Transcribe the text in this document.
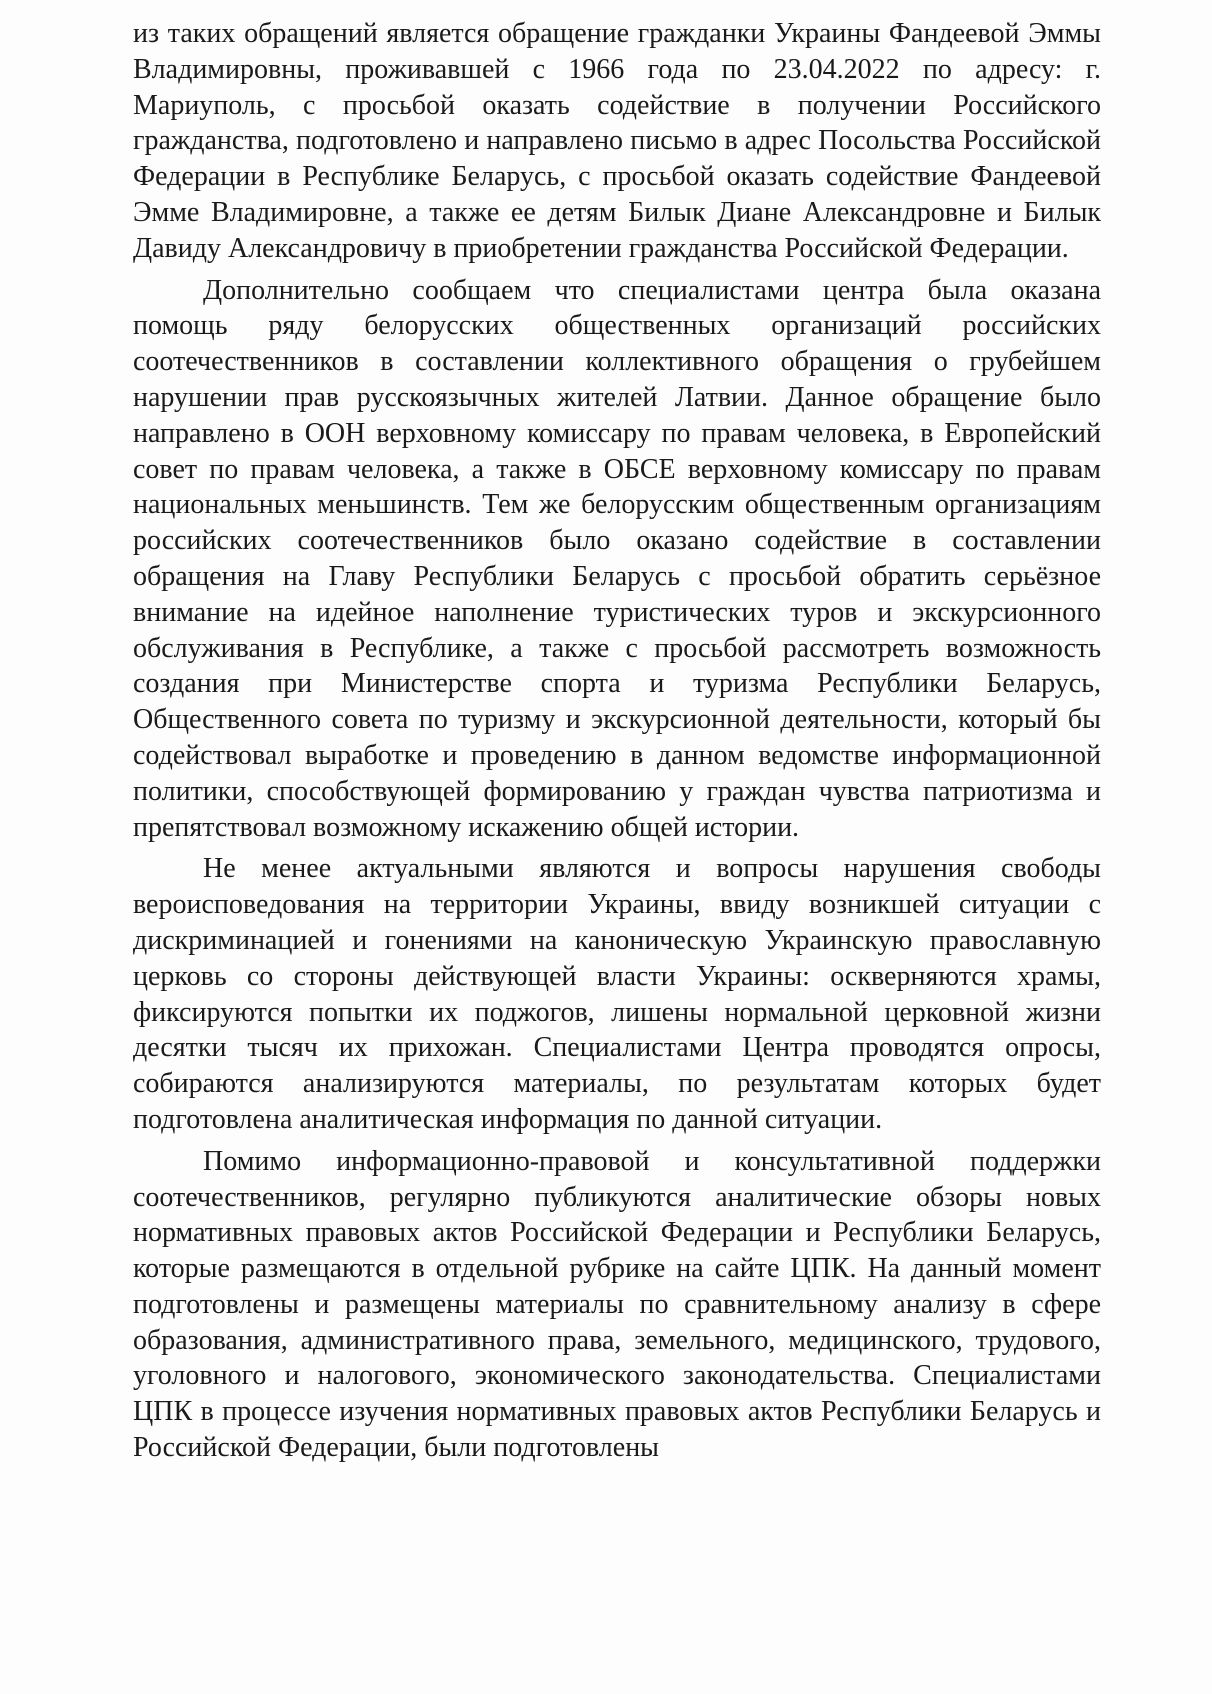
из таких обращений является обращение гражданки Украины Фандеевой Эммы Владимировны, проживавшей с 1966 года по 23.04.2022 по адресу: г. Мариуполь, с просьбой оказать содействие в получении Российского гражданства, подготовлено и направлено письмо в адрес Посольства Российской Федерации в Республике Беларусь, с просьбой оказать содействие Фандеевой Эмме Владимировне, а также ее детям Билык Диане Александровне и Билык Давиду Александровичу в приобретении гражданства Российской Федерации.

Дополнительно сообщаем что специалистами центра была оказана помощь ряду белорусских общественных организаций российских соотечественников в составлении коллективного обращения о грубейшем нарушении прав русскоязычных жителей Латвии. Данное обращение было направлено в ООН верховному комиссару по правам человека, в Европейский совет по правам человека, а также в ОБСЕ верховному комиссару по правам национальных меньшинств. Тем же белорусским общественным организациям российских соотечественников было оказано содействие в составлении обращения на Главу Республики Беларусь с просьбой обратить серьёзное внимание на идейное наполнение туристических туров и экскурсионного обслуживания в Республике, а также с просьбой рассмотреть возможность создания при Министерстве спорта и туризма Республики Беларусь, Общественного совета по туризму и экскурсионной деятельности, который бы содействовал выработке и проведению в данном ведомстве информационной политики, способствующей формированию у граждан чувства патриотизма и препятствовал возможному искажению общей истории.

Не менее актуальными являются и вопросы нарушения свободы вероисповедования на территории Украины, ввиду возникшей ситуации с дискриминацией и гонениями на каноническую Украинскую православную церковь со стороны действующей власти Украины: оскверняются храмы, фиксируются попытки их поджогов, лишены нормальной церковной жизни десятки тысяч их прихожан. Специалистами Центра проводятся опросы, собираются анализируются материалы, по результатам которых будет подготовлена аналитическая информация по данной ситуации.

Помимо информационно-правовой и консультативной поддержки соотечественников, регулярно публикуются аналитические обзоры новых нормативных правовых актов Российской Федерации и Республики Беларусь, которые размещаются в отдельной рубрике на сайте ЦПК. На данный момент подготовлены и размещены материалы по сравнительному анализу в сфере образования, административного права, земельного, медицинского, трудового, уголовного и налогового, экономического законодательства. Специалистами ЦПК в процессе изучения нормативных правовых актов Республики Беларусь и Российской Федерации, были подготовлены
